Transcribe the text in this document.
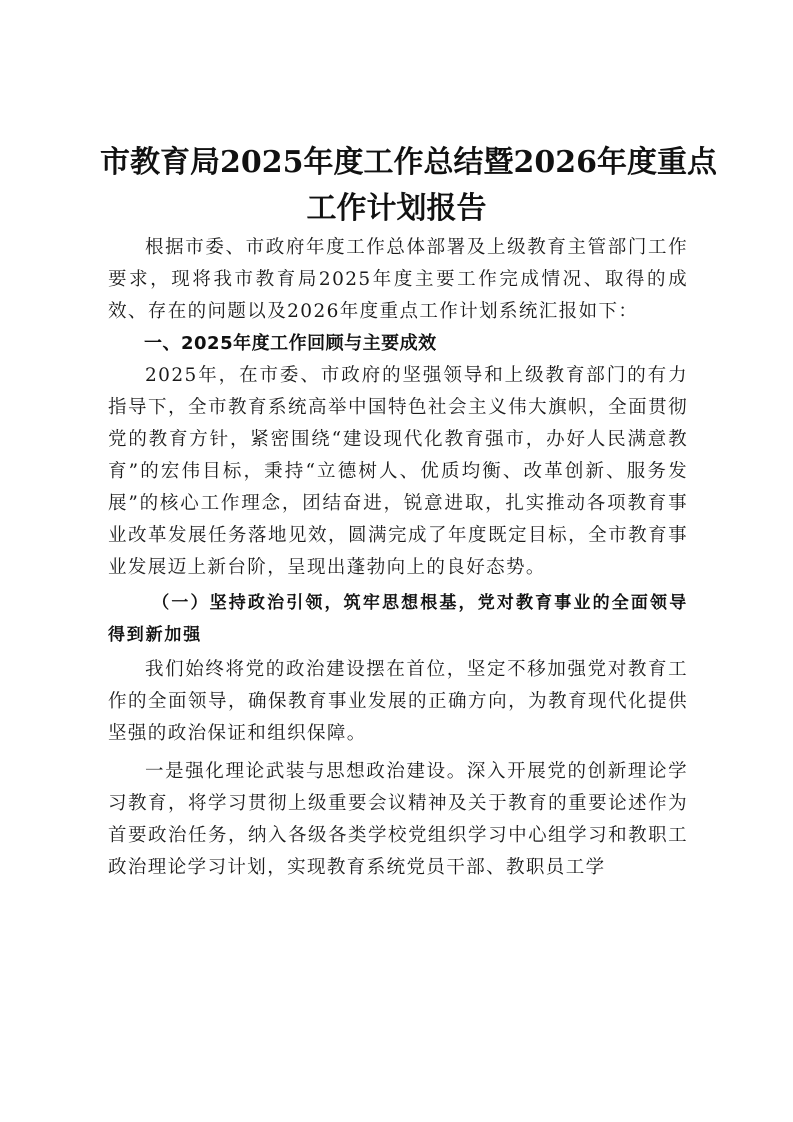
市教育局2025年度工作总结暨2026年度重点
工作计划报告

根据市委、市政府年度工作总体部署及上级教育主管部门工作要求，现将我市教育局2025年度主要工作完成情况、取得的成效、存在的问题以及2026年度重点工作计划系统汇报如下：

一、2025年度工作回顾与主要成效

2025年，在市委、市政府的坚强领导和上级教育部门的有力指导下，全市教育系统高举中国特色社会主义伟大旗帜，全面贯彻党的教育方针，紧密围绕“建设现代化教育强市，办好人民满意教育”的宏伟目标，秉持“立德树人、优质均衡、改革创新、服务发展”的核心工作理念，团结奋进，锐意进取，扎实推动各项教育事业改革发展任务落地见效，圆满完成了年度既定目标，全市教育事业发展迈上新台阶，呈现出蓬勃向上的良好态势。

（一）坚持政治引领，筑牢思想根基，党对教育事业的全面领导得到新加强

我们始终将党的政治建设摆在首位，坚定不移加强党对教育工作的全面领导，确保教育事业发展的正确方向，为教育现代化提供坚强的政治保证和组织保障。

一是强化理论武装与思想政治建设。深入开展党的创新理论学习教育，将学习贯彻上级重要会议精神及关于教育的重要论述作为首要政治任务，纳入各级各类学校党组织学习中心组学习和教职工政治理论学习计划，实现教育系统党员干部、教职员工学
